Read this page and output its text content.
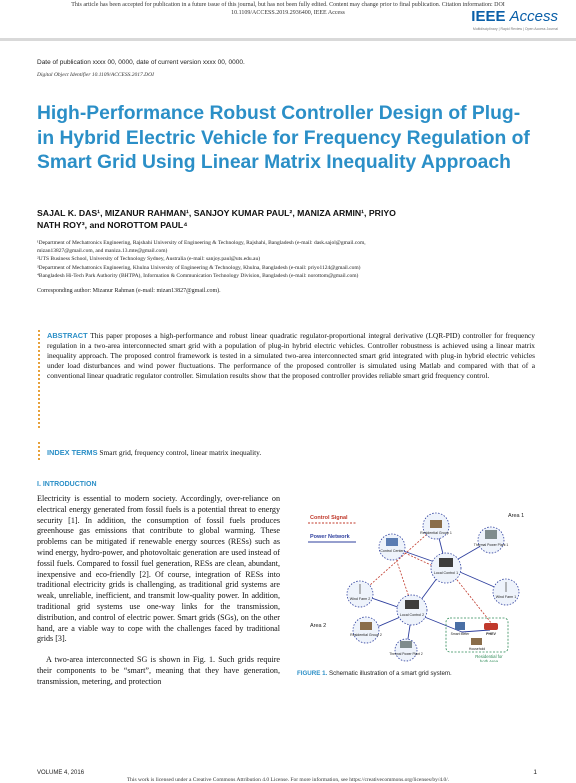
This article has been accepted for publication in a future issue of this journal, but has not been fully edited. Content may change prior to final publication. Citation information: DOI
10.1109/ACCESS.2019.2936400, IEEE Access	IEEE Access
Multidisciplinary | Rapid Review | Open Access Journal
Date of publication xxxx 00, 0000, date of current version xxxx 00, 0000.
Digital Object Identifier 10.1109/ACCESS.2017.DOI
High-Performance Robust Controller Design of Plug-in Hybrid Electric Vehicle for Frequency Regulation of Smart Grid Using Linear Matrix Inequality Approach
SAJAL K. DAS¹, MIZANUR RAHMAN¹, SANJOY KUMAR PAUL², MANIZA ARMIN¹, PRIYO
NATH ROY³, and NOROTTOM PAUL⁴
¹Department of Mechatronics Engineering, Rajshahi University of Engineering & Technology, Rajshahi, Bangladesh (e-mail: dask.sajol@gmail.com,
mizan13827@gmail.com, and maniza.13.mte@gmail.com)
²UTS Business School, University of Technology Sydney, Australia (e-mail: sanjoy.paul@uts.edu.au)
³Department of Mechatronics Engineering, Khulna University of Engineering & Technology, Khulna, Bangladesh (e-mail: priyo1124@gmail.com)
⁴Bangladesh Hi-Tech Park Authority (BHTPA), Information & Communication Technology Division, Bangladesh (e-mail: norottom@gmail.com)
Corresponding author: Mizanur Rahman (e-mail: mizan13827@gmail.com).
ABSTRACT This paper proposes a high-performance and robust linear quadratic regulator-proportional integral derivative (LQR-PID) controller for frequency regulation in a two-area interconnected smart grid with a population of plug-in hybrid electric vehicles. Controller robustness is achieved using a linear matrix inequality approach. The proposed control framework is tested in a simulated two-area interconnected smart grid integrated with plug-in hybrid electric vehicles under load disturbances and wind power fluctuations. The performance of the proposed controller is simulated using Matlab and compared with that of a conventional linear quadratic regulator controller. Simulation results show that the proposed controller provides reliable smart grid frequency control.
INDEX TERMS Smart grid, frequency control, linear matrix inequality.
I. INTRODUCTION

Electricity is essential to modern society. Accordingly, over-reliance on electrical energy generated from fossil fuels is a potential threat to energy security [1]. In addition, the consumption of fossil fuels produces greenhouse gas emissions that contribute to global warming. These problems can be mitigated if renewable energy sources (RESs) such as wind energy, hydro-power, and photovoltaic generation are used instead of fossil fuels. Compared to fossil fuel generation, RESs are clean, abundant, inexpensive and eco-friendly [2]. Of course, integration of RESs into traditional electricity grids is challenging, as traditional grid systems are weak, unreliable, inefficient, and transmit low-quality power. In addition, traditional grid systems use one-way links for the transmission, distribution, and control of electric power. Smart grids (SGs), on the other hand, are a viable way to cope with the challenges faced by traditional grids [3].

A two-area interconnected SG is shown in Fig. 1. Such grids require their components to be “smart”, meaning that they have generation, transmission, metering, and protection

Control Signal
Power Network
Area 1
Area 2
Control Center
Residential Group 1
Thermal Power Plant 1
Wind Farm 1
Local Control 1
Wind Farm 2
Local Control 2
Residential Group 2
Thermal Power Plant 2
Smart Meter	PHEV
Household
Residential for
both Area
FIGURE 1. Schematic illustration of a smart grid system.
VOLUME 4, 2016	1
This work is licensed under a Creative Commons Attribution 4.0 License. For more information, see https://creativecommons.org/licenses/by/4.0/.
